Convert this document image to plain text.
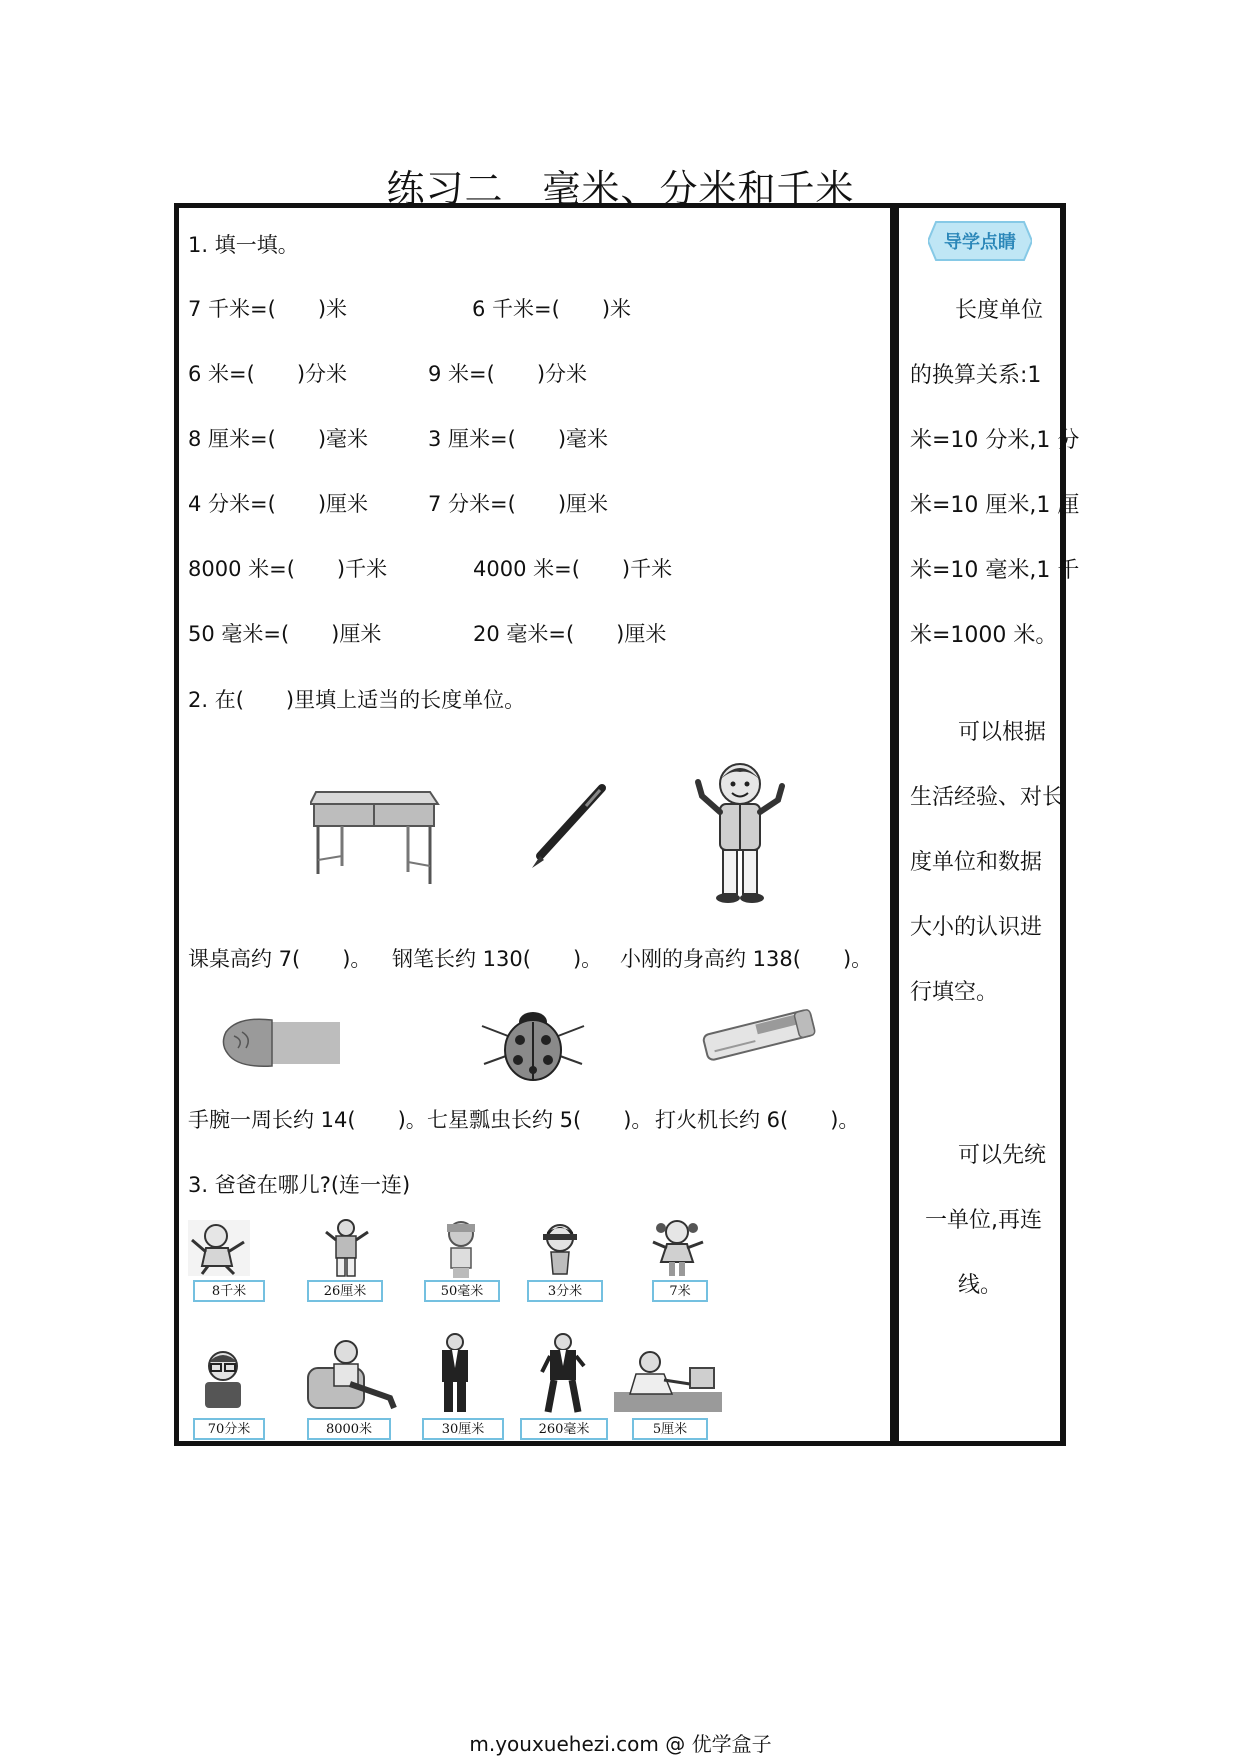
练习二　毫米、分米和千米
1. 填一填。
7 千米=(　　)米	6 千米=(　　)米
6 米=(　　)分米	9 米=(　　)分米
8 厘米=(　　)毫米	3 厘米=(　　)毫米
4 分米=(　　)厘米	7 分米=(　　)厘米
8000 米=(　　)千米	4000 米=(　　)千米
50 毫米=(　　)厘米	20 毫米=(　　)厘米
2. 在(　　)里填上适当的长度单位。
课桌高约 7(　　)。 钢笔长约 130(　　)。 小刚的身高约 138(　　)。
手腕一周长约 14(　　)。 七星瓢虫长约 5(　　)。 打火机长约 6(　　)。
3. 爸爸在哪儿?(连一连)
8千米	26厘米	50毫米	3分米	7米
70分米	8000米	30厘米	260毫米	5厘米
导学点睛
长度单位
的换算关系:1
米=10 分米,1 分
米=10 厘米,1 厘
米=10 毫米,1 千
米=1000 米。
可以根据
生活经验、对长
度单位和数据
大小的认识进
行填空。
可以先统
一单位,再连
线。
m.youxuehezi.com @ 优学盒子
